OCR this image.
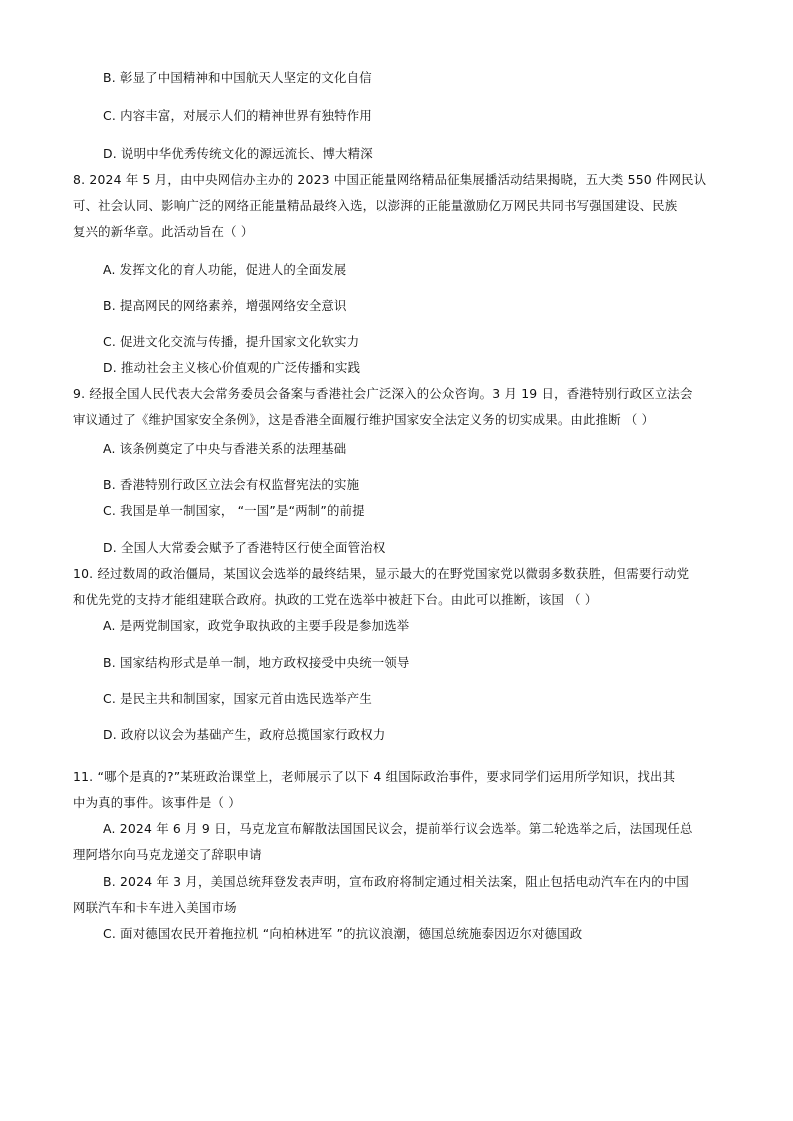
B. 彰显了中国精神和中国航天人坚定的文化自信
C. 内容丰富，对展示人们的精神世界有独特作用
D. 说明中华优秀传统文化的源远流长、博大精深
8. 2024 年 5 月，由中央网信办主办的 2023 中国正能量网络精品征集展播活动结果揭晓，五大类 550 件网民认
可、社会认同、影响广泛的网络正能量精品最终入选，以澎湃的正能量激励亿万网民共同书写强国建设、民族
复兴的新华章。此活动旨在（ ）
A. 发挥文化的育人功能，促进人的全面发展
B. 提高网民的网络素养，增强网络安全意识
C. 促进文化交流与传播，提升国家文化软实力
D. 推动社会主义核心价值观的广泛传播和实践
9. 经报全国人民代表大会常务委员会备案与香港社会广泛深入的公众咨询。3 月 19 日，香港特别行政区立法会
审议通过了《维护国家安全条例》，这是香港全面履行维护国家安全法定义务的切实成果。由此推断 （ ）
A. 该条例奠定了中央与香港关系的法理基础
B. 香港特别行政区立法会有权监督宪法的实施
C. 我国是单一制国家， “一国”是“两制”的前提
D. 全国人大常委会赋予了香港特区行使全面管治权
10. 经过数周的政治僵局，某国议会选举的最终结果，显示最大的在野党国家党以微弱多数获胜，但需要行动党
和优先党的支持才能组建联合政府。执政的工党在选举中被赶下台。由此可以推断，该国 （ ）
A. 是两党制国家，政党争取执政的主要手段是参加选举
B. 国家结构形式是单一制，地方政权接受中央统一领导
C. 是民主共和制国家，国家元首由选民选举产生
D. 政府以议会为基础产生，政府总揽国家行政权力
11. “哪个是真的?”某班政治课堂上，老师展示了以下 4 组国际政治事件，要求同学们运用所学知识，找出其
中为真的事件。该事件是（ ）
A. 2024 年 6 月 9 日，马克龙宣布解散法国国民议会，提前举行议会选举。第二轮选举之后，法国现任总
理阿塔尔向马克龙递交了辞职申请
B. 2024 年 3 月，美国总统拜登发表声明，宣布政府将制定通过相关法案，阻止包括电动汽车在内的中国
网联汽车和卡车进入美国市场
C. 面对德国农民开着拖拉机 “向柏林进军 ”的抗议浪潮，德国总统施泰因迈尔对德国政
